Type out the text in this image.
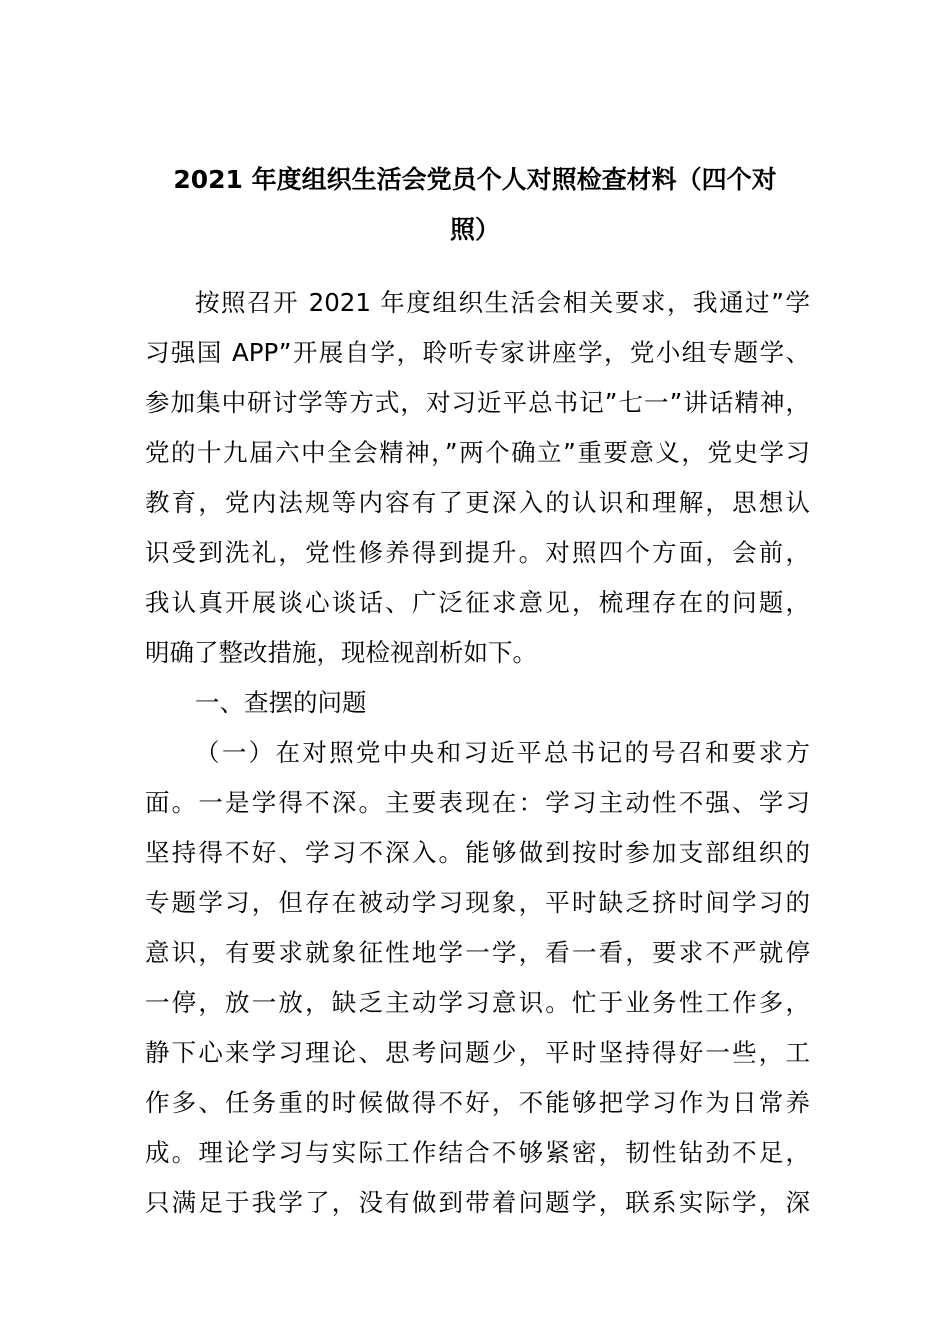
2021 年度组织生活会党员个人对照检查材料（四个对
照）
按照召开 2021 年度组织生活会相关要求，我通过”学
习强国 APP”开展自学，聆听专家讲座学，党小组专题学、
参加集中研讨学等方式，对习近平总书记”七一”讲话精神，
党的十九届六中全会精神，”两个确立”重要意义，党史学习
教育，党内法规等内容有了更深入的认识和理解，思想认
识受到洗礼，党性修养得到提升。对照四个方面，会前，
我认真开展谈心谈话、广泛征求意见，梳理存在的问题，
明确了整改措施，现检视剖析如下。
一、查摆的问题
（一）在对照党中央和习近平总书记的号召和要求方
面。一是学得不深。主要表现在：学习主动性不强、学习
坚持得不好、学习不深入。能够做到按时参加支部组织的
专题学习，但存在被动学习现象，平时缺乏挤时间学习的
意识，有要求就象征性地学一学，看一看，要求不严就停
一停，放一放，缺乏主动学习意识。忙于业务性工作多，
静下心来学习理论、思考问题少，平时坚持得好一些，工
作多、任务重的时候做得不好，不能够把学习作为日常养
成。理论学习与实际工作结合不够紧密，韧性钻劲不足，
只满足于我学了，没有做到带着问题学，联系实际学，深
